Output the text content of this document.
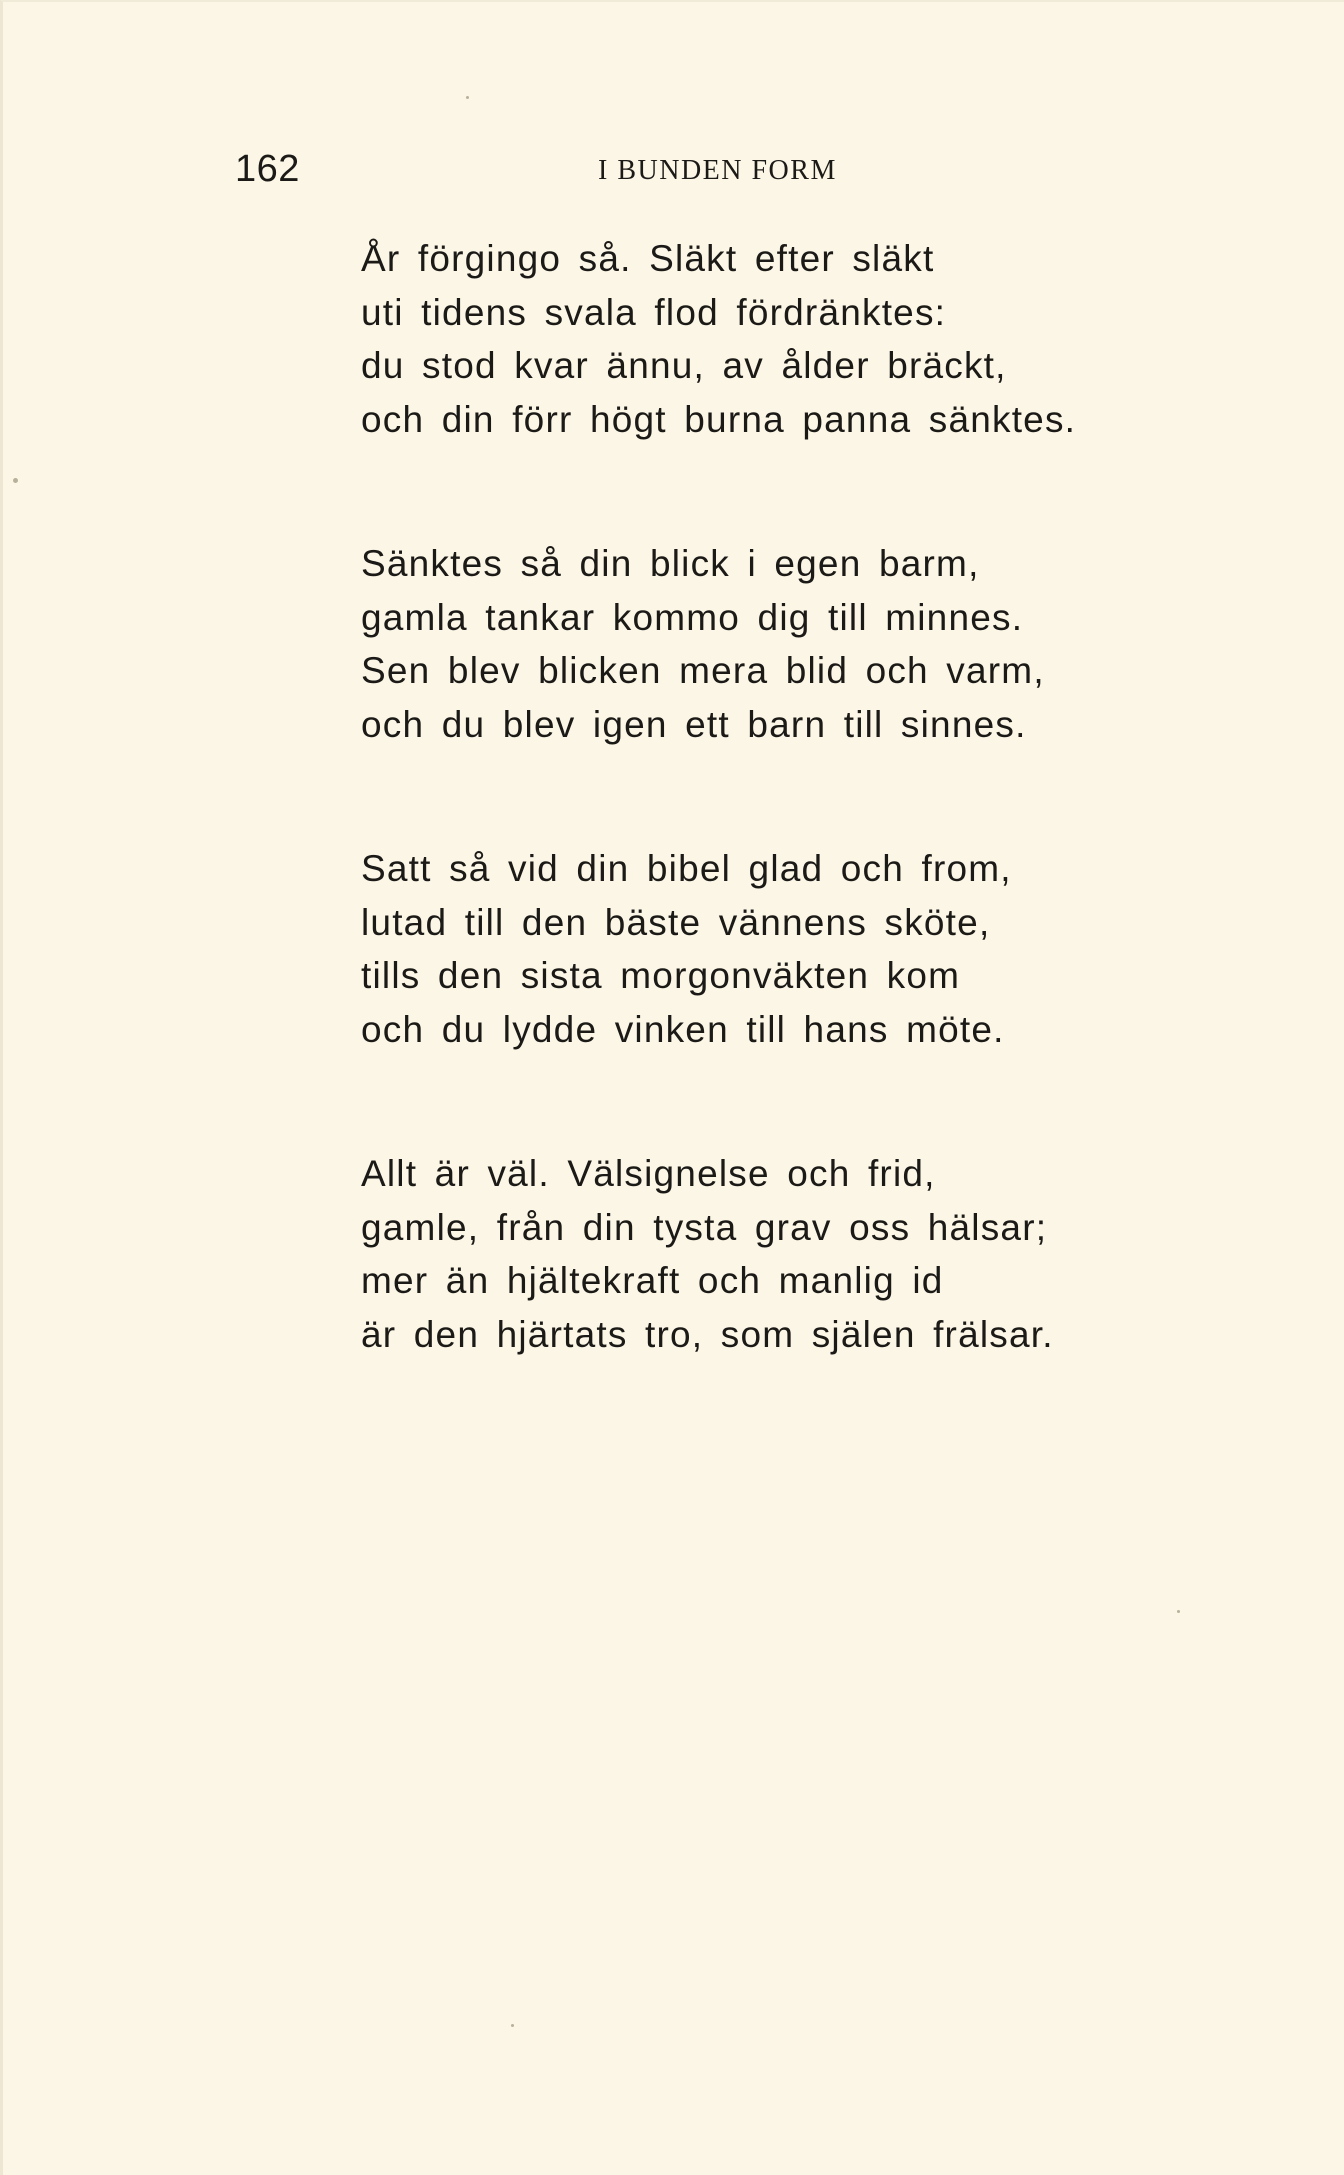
162	I BUNDEN FORM
År förgingo så. Släkt efter släkt
uti tidens svala flod fördränktes:
du stod kvar ännu, av ålder bräckt,
och din förr högt burna panna sänktes.
Sänktes så din blick i egen barm,
gamla tankar kommo dig till minnes.
Sen blev blicken mera blid och varm,
och du blev igen ett barn till sinnes.
Satt så vid din bibel glad och from,
lutad till den bäste vännens sköte,
tills den sista morgonväkten kom
och du lydde vinken till hans möte.
Allt är väl. Välsignelse och frid,
gamle, från din tysta grav oss hälsar;
mer än hjältekraft och manlig id
är den hjärtats tro, som själen frälsar.
